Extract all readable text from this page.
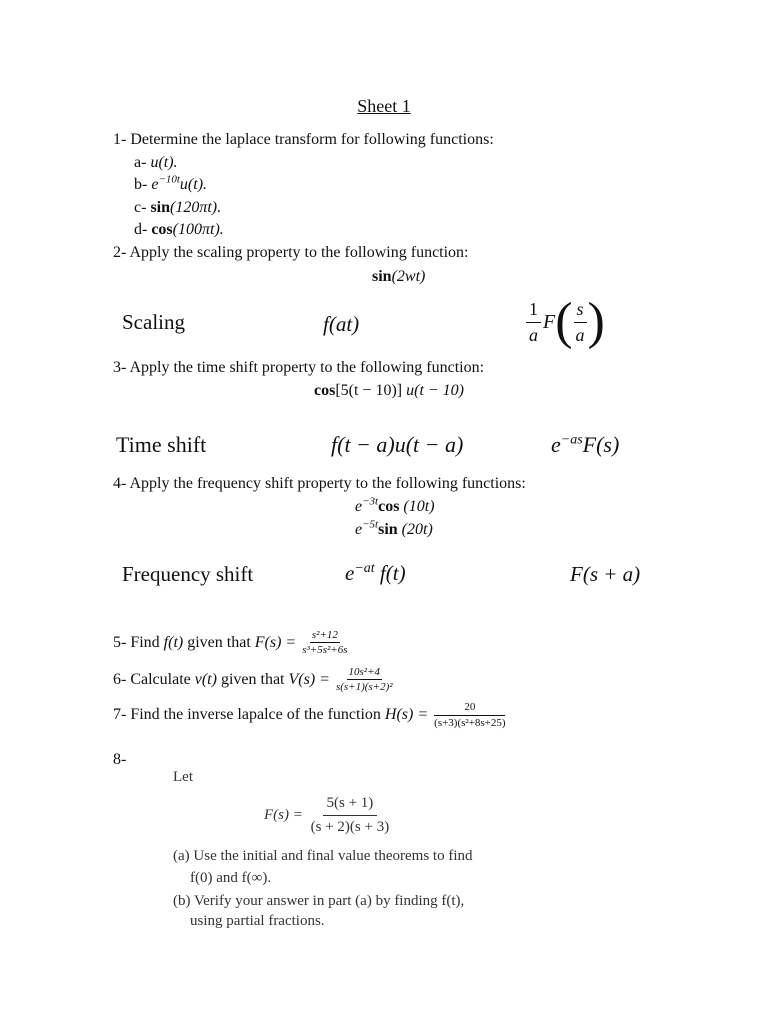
Sheet 1
1- Determine the laplace transform for following functions:
a- u(t).
b- $e^{-10t}u(t)$.
c- sin(120πt).
d- cos(100πt).
2- Apply the scaling property to the following function:
sin(2wt)
Scaling	f(at)	$\frac{1}{a}$ F ( $\frac{s}{a}$ )
3- Apply the time shift property to the following function:
cos[5(t − 10)] u(t − 10)
Time shift	f(t − a)u(t − a)	$e^{-as}F(s)$
4- Apply the frequency shift property to the following functions:
$e^{-3t}\cos$ (10t)
$e^{-5t}\sin$ (20t)
Frequency shift	$e^{-at}$ f(t)	F(s + a)
5-
Find
f(t)
given that
F(s) =
$\frac{\text{s²+12}}{\text{s³+5s²+6s}}$
6-
Calculate
v(t)
given that
V(s) =
$\frac{\text{10s²+4}}{\text{s(s+1)(s+2)²}}$
7-
Find the inverse lapalce of the function
H(s) =
$\frac{20}{\text{(s+3)(s²+8s+25)}}$
8-
Let
F(s) =
$\frac{5(s + 1)}{(s + 2)(s + 3)}$
(a) Use the initial and final value theorems to find
f(0) and f(∞).
(b) Verify your answer in part (a) by finding f(t),
using partial fractions.
